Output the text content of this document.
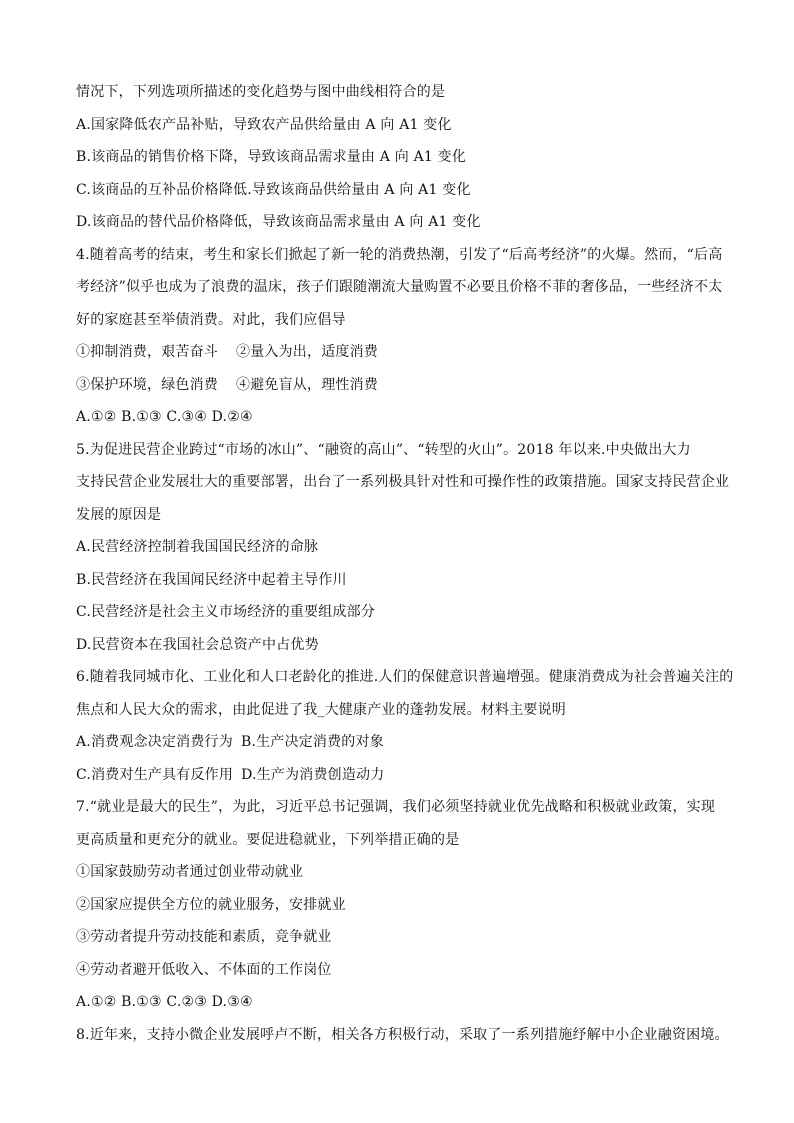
情况下，下列选项所描述的变化趋势与图中曲线相符合的是
A.国家降低农产品补贴，导致农产品供给量由 A 向 A1 变化
B.该商品的销售价格下降，导致该商品需求量由 A 向 A1 变化
C.该商品的互补品价格降低.导致该商品供给量由 A 向 A1 变化
D.该商品的替代品价格降低，导致该商品需求量由 A 向 A1 变化
4.随着高考的结束，考生和家长们掀起了新一轮的消费热潮，引发了“后高考经济”的火爆。然而，“后高
考经济”似乎也成为了浪费的温床，孩子们跟随潮流大量购置不必要且价格不菲的奢侈品，一些经济不太
好的家庭甚至举债消费。对此，我们应倡导
①抑制消费，艰苦奋斗 ②量入为出，适度消费
③保护环境，绿色消费 ④避免盲从，理性消费
A.①② B.①③ C.③④ D.②④
5.为促进民营企业跨过“市场的冰山”、“融资的高山”、“转型的火山”。2018 年以来.中央做出大力
支持民营企业发展壮大的重要部署，出台了一系列极具针对性和可操作性的政策措施。国家支持民营企业
发展的原因是
A.民营经济控制着我国国民经济的命脉
B.民营经济在我国闻民经济中起着主导作川
C.民营经济是社会主义市场经济的重要组成部分
D.民营资本在我国社会总资产中占优势
6.随着我同城市化、工业化和人口老龄化的推进.人们的保健意识普遍增强。健康消费成为社会普遍关注的
焦点和人民大众的需求，由此促进了我_大健康产业的蓬勃发展。材料主要说明
A.消费观念决定消费行为 B.生产决定消费的对象
C.消费对生产具有反作用 D.生产为消费创造动力
7.“就业是最大的民生”，为此，习近平总书记强调，我们必须坚持就业优先战略和积极就业政策，实现
更高质量和更充分的就业。要促进稳就业，下列举措正确的是
①国家鼓励劳动者通过创业带动就业
②国家应提供全方位的就业服务，安排就业
③劳动者提升劳动技能和素质，竞争就业
④劳动者避开低收入、不体面的工作岗位
A.①② B.①③ C.②③ D.③④
8.近年来，支持小微企业发展呼卢不断，相关各方积极行动，采取了一系列措施纾解中小企业融资困境。
